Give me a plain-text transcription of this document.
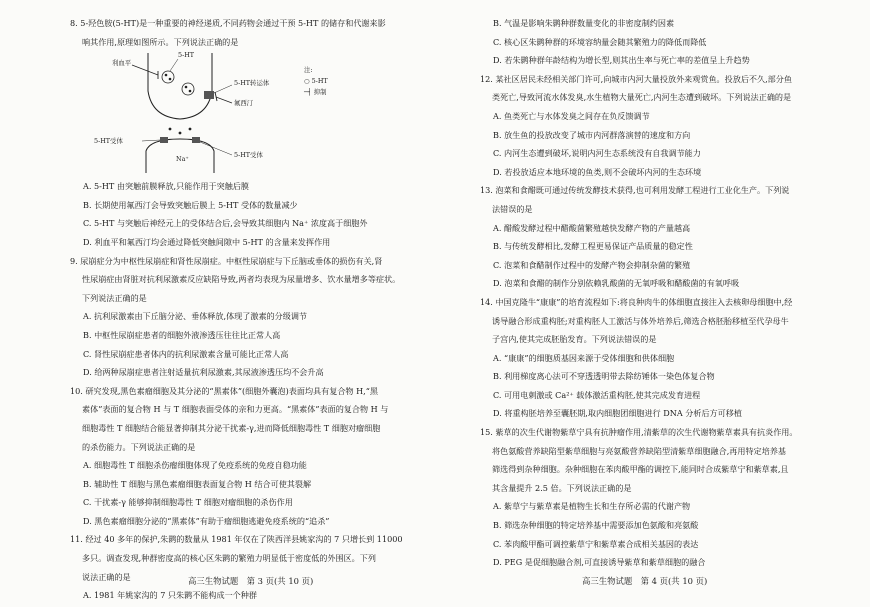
8. 5-羟色胺(5-HT)是一种重要的神经递质,不同药物会通过干预 5-HT 的储存和代谢来影
响其作用,原理如图所示。下列说法正确的是
利血平
5-HT
5-HT转运体
氟西汀
5-HT受体
Na⁺	5-HT受体
注:
○ 5-HT
─┤ 抑制
A. 5-HT 由突触前膜释放,只能作用于突触后膜
B. 长期使用氟西汀会导致突触后膜上 5-HT 受体的数量减少
C. 5-HT 与突触后神经元上的受体结合后,会导致其细胞内 Na⁺ 浓度高于细胞外
D. 利血平和氟西汀均会通过降低突触间隙中 5-HT 的含量来发挥作用
9. 尿崩症分为中枢性尿崩症和肾性尿崩症。中枢性尿崩症与下丘脑或垂体的损伤有关,肾
性尿崩症由肾脏对抗利尿激素反应缺陷导致,两者均表现为尿量增多、饮水量增多等症状。
下列说法正确的是
A. 抗利尿激素由下丘脑分泌、垂体释放,体现了激素的分级调节
B. 中枢性尿崩症患者的细胞外液渗透压往往比正常人高
C. 肾性尿崩症患者体内的抗利尿激素含量可能比正常人高
D. 给两种尿崩症患者注射适量抗利尿激素,其尿液渗透压均不会升高
10. 研究发现,黑色素瘤细胞及其分泌的“黑素体”(细胞外囊泡)表面均具有复合物 H,“黑
素体”表面的复合物 H 与 T 细胞表面受体的亲和力更高。“黑素体”表面的复合物 H 与
细胞毒性 T 细胞结合能显著抑制其分泌干扰素-γ,进而降低细胞毒性 T 细胞对瘤细胞
的杀伤能力。下列说法正确的是
A. 细胞毒性 T 细胞杀伤瘤细胞体现了免疫系统的免疫自稳功能
B. 辅助性 T 细胞与黑色素瘤细胞表面复合物 H 结合可使其裂解
C. 干扰素-γ 能够抑制细胞毒性 T 细胞对瘤细胞的杀伤作用
D. 黑色素瘤细胞分泌的“黑素体”有助于瘤细胞逃避免疫系统的“追杀”
11. 经过 40 多年的保护,朱鹮的数量从 1981 年仅在了陕西洋县姚家沟的 7 只增长到 11000
多只。调查发现,种群密度高的核心区朱鹮的繁殖力明显低于密度低的外围区。下列
说法正确的是
A. 1981 年姚家沟的 7 只朱鹮不能构成一个种群
B. 气温是影响朱鹮种群数量变化的非密度制约因素
C. 核心区朱鹮种群的环境容纳量会随其繁殖力的降低而降低
D. 若朱鹮种群年龄结构为增长型,则其出生率与死亡率的差值呈上升趋势
12. 某社区居民未经相关部门许可,向城市内河大量投放外来观赏鱼。投放后不久,部分鱼
类死亡,导致河流水体发臭,水生植物大量死亡,内河生态遭到破坏。下列说法正确的是
A. 鱼类死亡与水体发臭之间存在负反馈调节
B. 放生鱼的投放改变了城市内河群落演替的速度和方向
C. 内河生态遭到破坏,说明内河生态系统没有自我调节能力
D. 若投放适应本地环境的鱼类,则不会破坏内河的生态环境
13. 泡菜和食醋既可通过传统发酵技术获得,也可利用发酵工程进行工业化生产。下列说
法错误的是
A. 醋酸发酵过程中醋酸菌繁殖越快发酵产物的产量越高
B. 与传统发酵相比,发酵工程更易保证产品质量的稳定性
C. 泡菜和食醋制作过程中的发酵产物会抑制杂菌的繁殖
D. 泡菜和食醋的制作分别依赖乳酸菌的无氧呼吸和醋酸菌的有氧呼吸
14. 中国克隆牛“康康”的培育流程如下:将良种肉牛的体细胞直接注入去核卵母细胞中,经
诱导融合形成重构胚;对重构胚人工激活与体外培养后,筛选合格胚胎移植至代孕母牛
子宫内,使其完成胚胎发育。下列说法错误的是
A. “康康”的细胞质基因来源于受体细胞和供体细胞
B. 利用梯度离心法可不穿透透明带去除纺锤体一染色体复合物
C. 可用电刺激或 Ca²⁺ 载体激活重构胚,使其完成发育进程
D. 将重构胚培养至囊胚期,取内细胞团细胞进行 DNA 分析后方可移植
15. 紫草的次生代谢物紫草宁具有抗肿瘤作用,清紫草的次生代谢物紫草素具有抗炎作用。
将色氨酸营养缺陷型紫草细胞与亮氨酸营养缺陷型清紫草细胞融合,再用特定培养基
筛选得到杂种细胞。杂种细胞在苯肉酸甲酯的调控下,能同时合成紫草宁和紫草素,且
其含量提升 2.5 倍。下列说法正确的是
A. 紫草宁与紫草素是植物生长和生存所必需的代谢产物
B. 筛选杂种细胞的特定培养基中需要添加色氨酸和亮氨酸
C. 苯肉酸甲酯可调控紫草宁和紫草素合成相关基因的表达
D. PEG 是促细胞融合剂,可直接诱导紫草和紫草细胞的融合
高三生物试题　第 3 页(共 10 页)	高三生物试题　第 4 页(共 10 页)
